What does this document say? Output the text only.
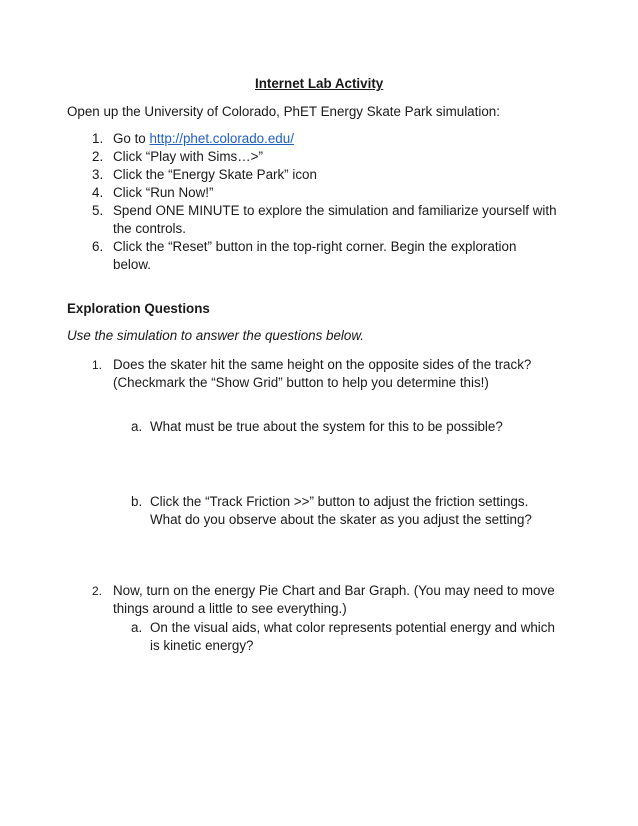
Internet Lab Activity
Open up the University of Colorado, PhET Energy Skate Park simulation:
1. Go to http://phet.colorado.edu/
2. Click “Play with Sims…>”
3. Click the “Energy Skate Park” icon
4. Click “Run Now!”
5. Spend ONE MINUTE to explore the simulation and familiarize yourself with
the controls.
6. Click the “Reset” button in the top-right corner. Begin the exploration
below.
Exploration Questions
Use the simulation to answer the questions below.
1. Does the skater hit the same height on the opposite sides of the track?
(Checkmark the “Show Grid” button to help you determine this!)
a. What must be true about the system for this to be possible?
b. Click the “Track Friction >>” button to adjust the friction settings.
What do you observe about the skater as you adjust the setting?
2. Now, turn on the energy Pie Chart and Bar Graph. (You may need to move
things around a little to see everything.)
a. On the visual aids, what color represents potential energy and which
is kinetic energy?
